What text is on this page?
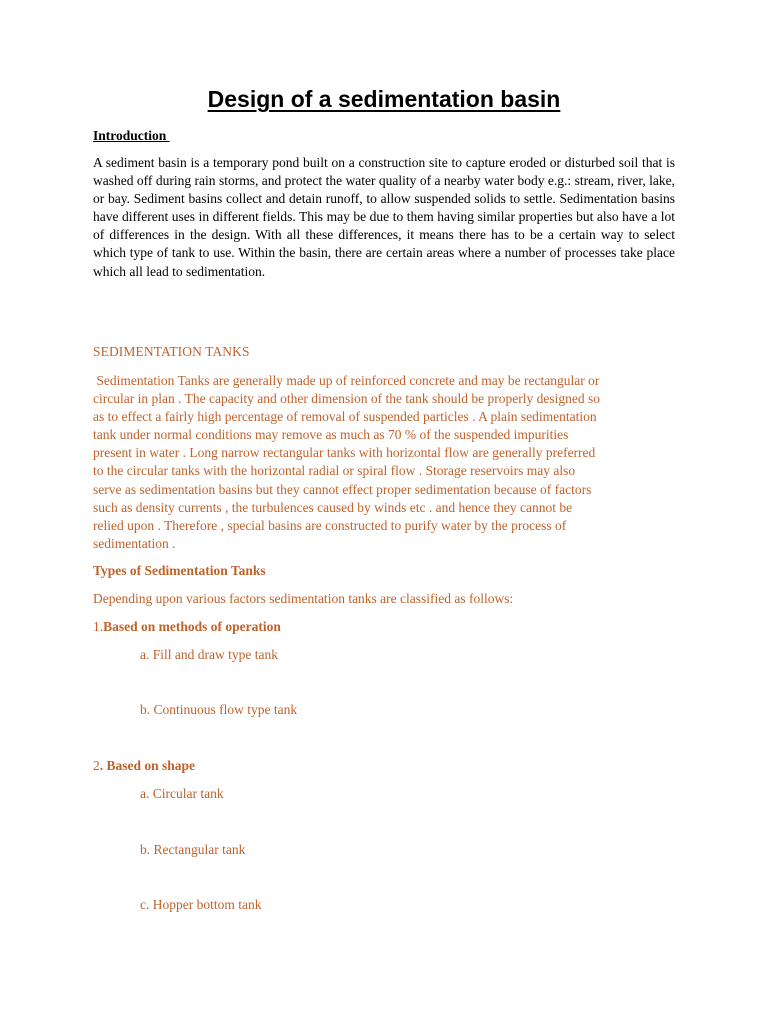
Design of a sedimentation basin
Introduction
A sediment basin is a temporary pond built on a construction site to capture eroded or disturbed soil that is washed off during rain storms, and protect the water quality of a nearby water body e.g.: stream, river, lake, or bay. Sediment basins collect and detain runoff, to allow suspended solids to settle. Sedimentation basins have different uses in different fields. This may be due to them having similar properties but also have a lot of differences in the design. With all these differences, it means there has to be a certain way to select which type of tank to use. Within the basin, there are certain areas where a number of processes take place which all lead to sedimentation.
SEDIMENTATION TANKS
Sedimentation Tanks are generally made up of reinforced concrete and may be rectangular or
circular in plan . The capacity and other dimension of the tank should be properly designed so
as to effect a fairly high percentage of removal of suspended particles . A plain sedimentation
tank under normal conditions may remove as much as 70 % of the suspended impurities
present in water . Long narrow rectangular tanks with horizontal flow are generally preferred
to the circular tanks with the horizontal radial or spiral flow . Storage reservoirs may also
serve as sedimentation basins but they cannot effect proper sedimentation because of factors
such as density currents , the turbulences caused by winds etc . and hence they cannot be
relied upon . Therefore , special basins are constructed to purify water by the process of
sedimentation .
Types of Sedimentation Tanks
Depending upon various factors sedimentation tanks are classified as follows:
1.Based on methods of operation
a. Fill and draw type tank
b. Continuous flow type tank
2. Based on shape
a. Circular tank
b. Rectangular tank
c. Hopper bottom tank
